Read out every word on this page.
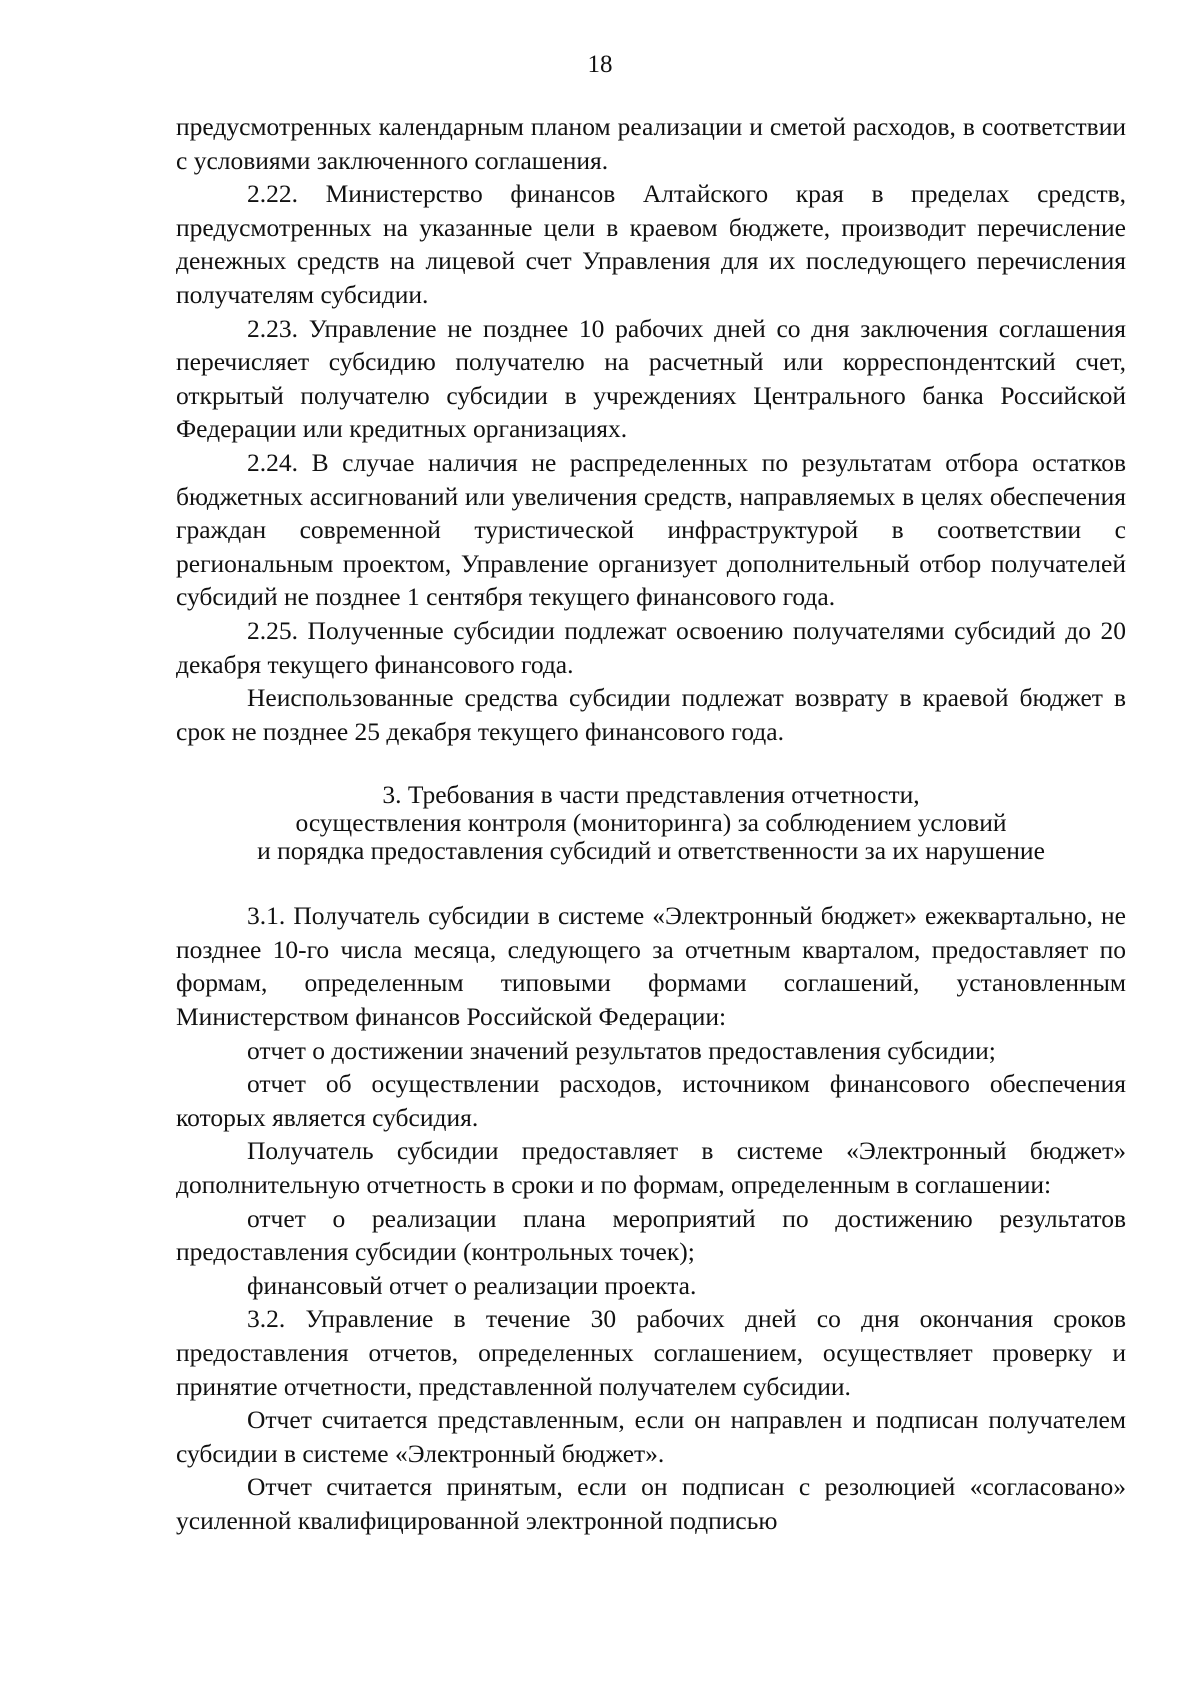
18

предусмотренных календарным планом реализации и сметой расходов, в соответствии с условиями заключенного соглашения.

2.22. Министерство финансов Алтайского края в пределах средств, предусмотренных на указанные цели в краевом бюджете, производит перечисление денежных средств на лицевой счет Управления для их последующего перечисления получателям субсидии.

2.23. Управление не позднее 10 рабочих дней со дня заключения соглашения перечисляет субсидию получателю на расчетный или корреспондентский счет, открытый получателю субсидии в учреждениях Центрального банка Российской Федерации или кредитных организациях.

2.24. В случае наличия не распределенных по результатам отбора остатков бюджетных ассигнований или увеличения средств, направляемых в целях обеспечения граждан современной туристической инфраструктурой в соответствии с региональным проектом, Управление организует дополнительный отбор получателей субсидий не позднее 1 сентября текущего финансового года.

2.25. Полученные субсидии подлежат освоению получателями субсидий до 20 декабря текущего финансового года.

Неиспользованные средства субсидии подлежат возврату в краевой бюджет в срок не позднее 25 декабря текущего финансового года.

3. Требования в части представления отчетности,
осуществления контроля (мониторинга) за соблюдением условий
и порядка предоставления субсидий и ответственности за их нарушение

3.1. Получатель субсидии в системе «Электронный бюджет» ежеквартально, не позднее 10-го числа месяца, следующего за отчетным кварталом, предоставляет по формам, определенным типовыми формами соглашений, установленным Министерством финансов Российской Федерации:

отчет о достижении значений результатов предоставления субсидии;

отчет об осуществлении расходов, источником финансового обеспечения которых является субсидия.

Получатель субсидии предоставляет в системе «Электронный бюджет» дополнительную отчетность в сроки и по формам, определенным в соглашении:

отчет о реализации плана мероприятий по достижению результатов предоставления субсидии (контрольных точек);

финансовый отчет о реализации проекта.

3.2. Управление в течение 30 рабочих дней со дня окончания сроков предоставления отчетов, определенных соглашением, осуществляет проверку и принятие отчетности, представленной получателем субсидии.

Отчет считается представленным, если он направлен и подписан получателем субсидии в системе «Электронный бюджет».

Отчет считается принятым, если он подписан с резолюцией «согласовано» усиленной квалифицированной электронной подписью
